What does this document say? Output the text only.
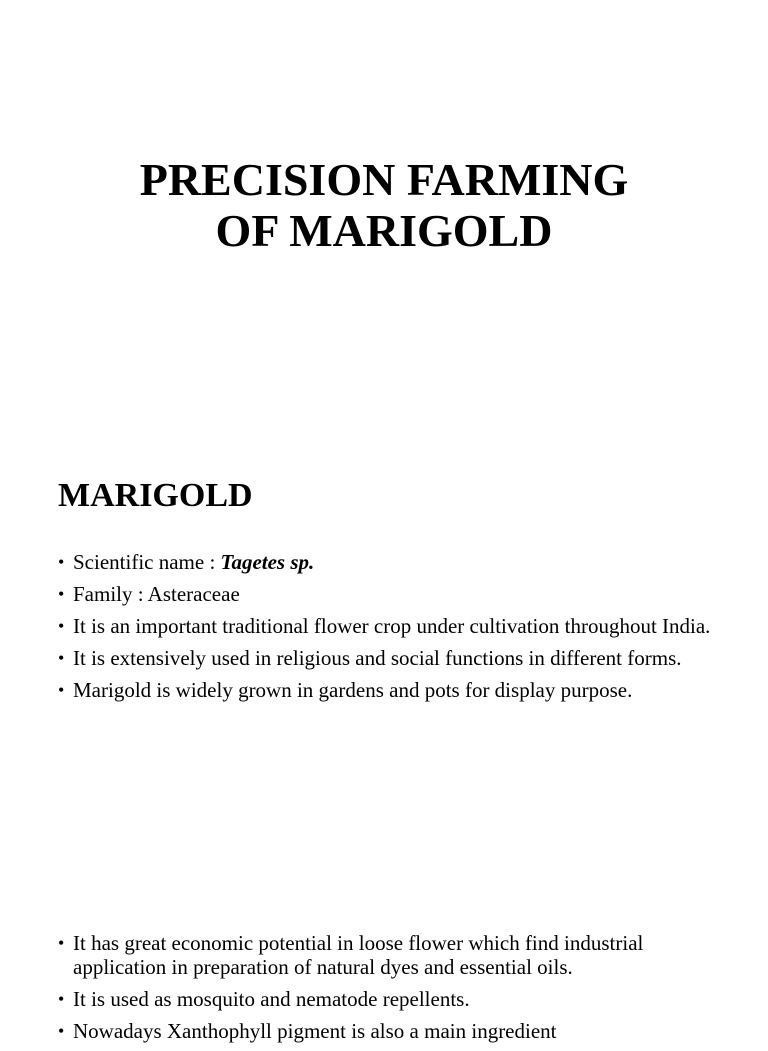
PRECISION FARMING
OF MARIGOLD
MARIGOLD
• Scientific name : Tagetes sp.
• Family : Asteraceae
• It is an important traditional flower crop under cultivation throughout India.
• It is extensively used in religious and social functions in different forms.
• Marigold is widely grown in gardens and pots for display purpose.
• It has great economic potential in loose flower which find industrial application in preparation of natural dyes and essential oils.
• It is used as mosquito and nematode repellents.
• Nowadays Xanthophyll pigment is also a main ingredient
